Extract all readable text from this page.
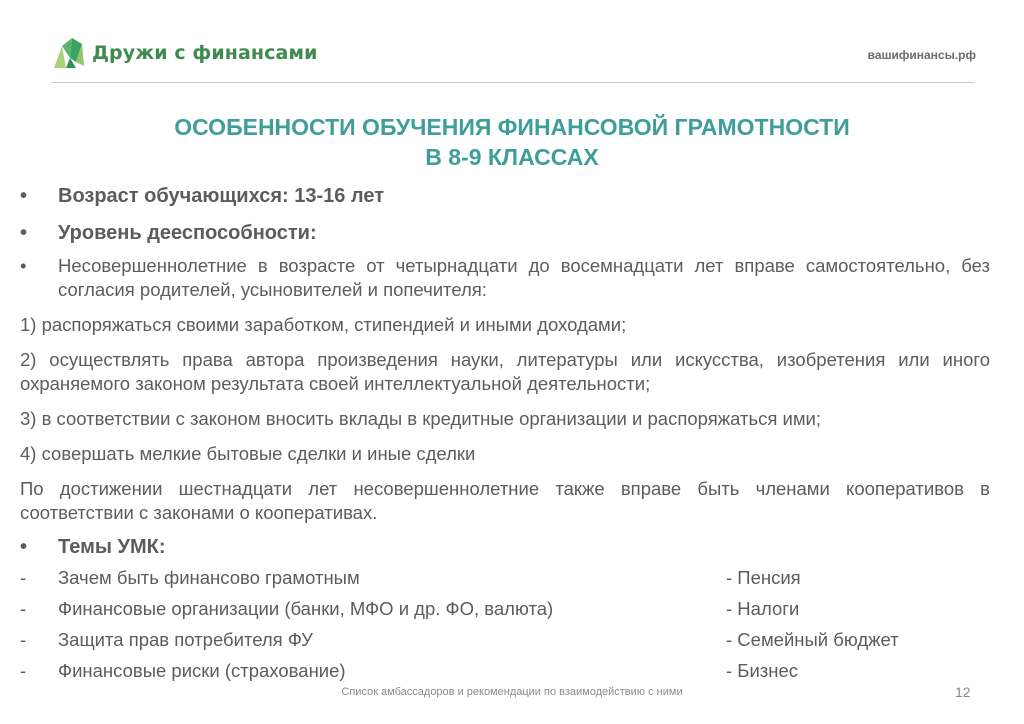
Дружи с финансами	вашифинансы.рф
ОСОБЕННОСТИ ОБУЧЕНИЯ ФИНАНСОВОЙ ГРАМОТНОСТИ
В 8-9 КЛАССАХ
•	Возраст обучающихся: 13-16 лет
•	Уровень дееспособности:
•	Несовершеннолетние в возрасте от четырнадцати до восемнадцати лет вправе самостоятельно, без согласия родителей, усыновителей и попечителя:
1) распоряжаться своими заработком, стипендией и иными доходами;
2) осуществлять права автора произведения науки, литературы или искусства, изобретения или иного охраняемого законом результата своей интеллектуальной деятельности;
3) в соответствии с законом вносить вклады в кредитные организации и распоряжаться ими;
4) совершать мелкие бытовые сделки и иные сделки
По достижении шестнадцати лет несовершеннолетние также вправе быть членами кооперативов в соответствии с законами о кооперативах.
•	Темы УМК:
- Зачем быть финансово грамотным	- Пенсия
- Финансовые организации (банки, МФО и др. ФО, валюта)	- Налоги
- Защита прав потребителя ФУ	- Семейный бюджет
- Финансовые риски (страхование)	- Бизнес
Список амбассадоров и рекомендации по взаимодействию с ними	12
